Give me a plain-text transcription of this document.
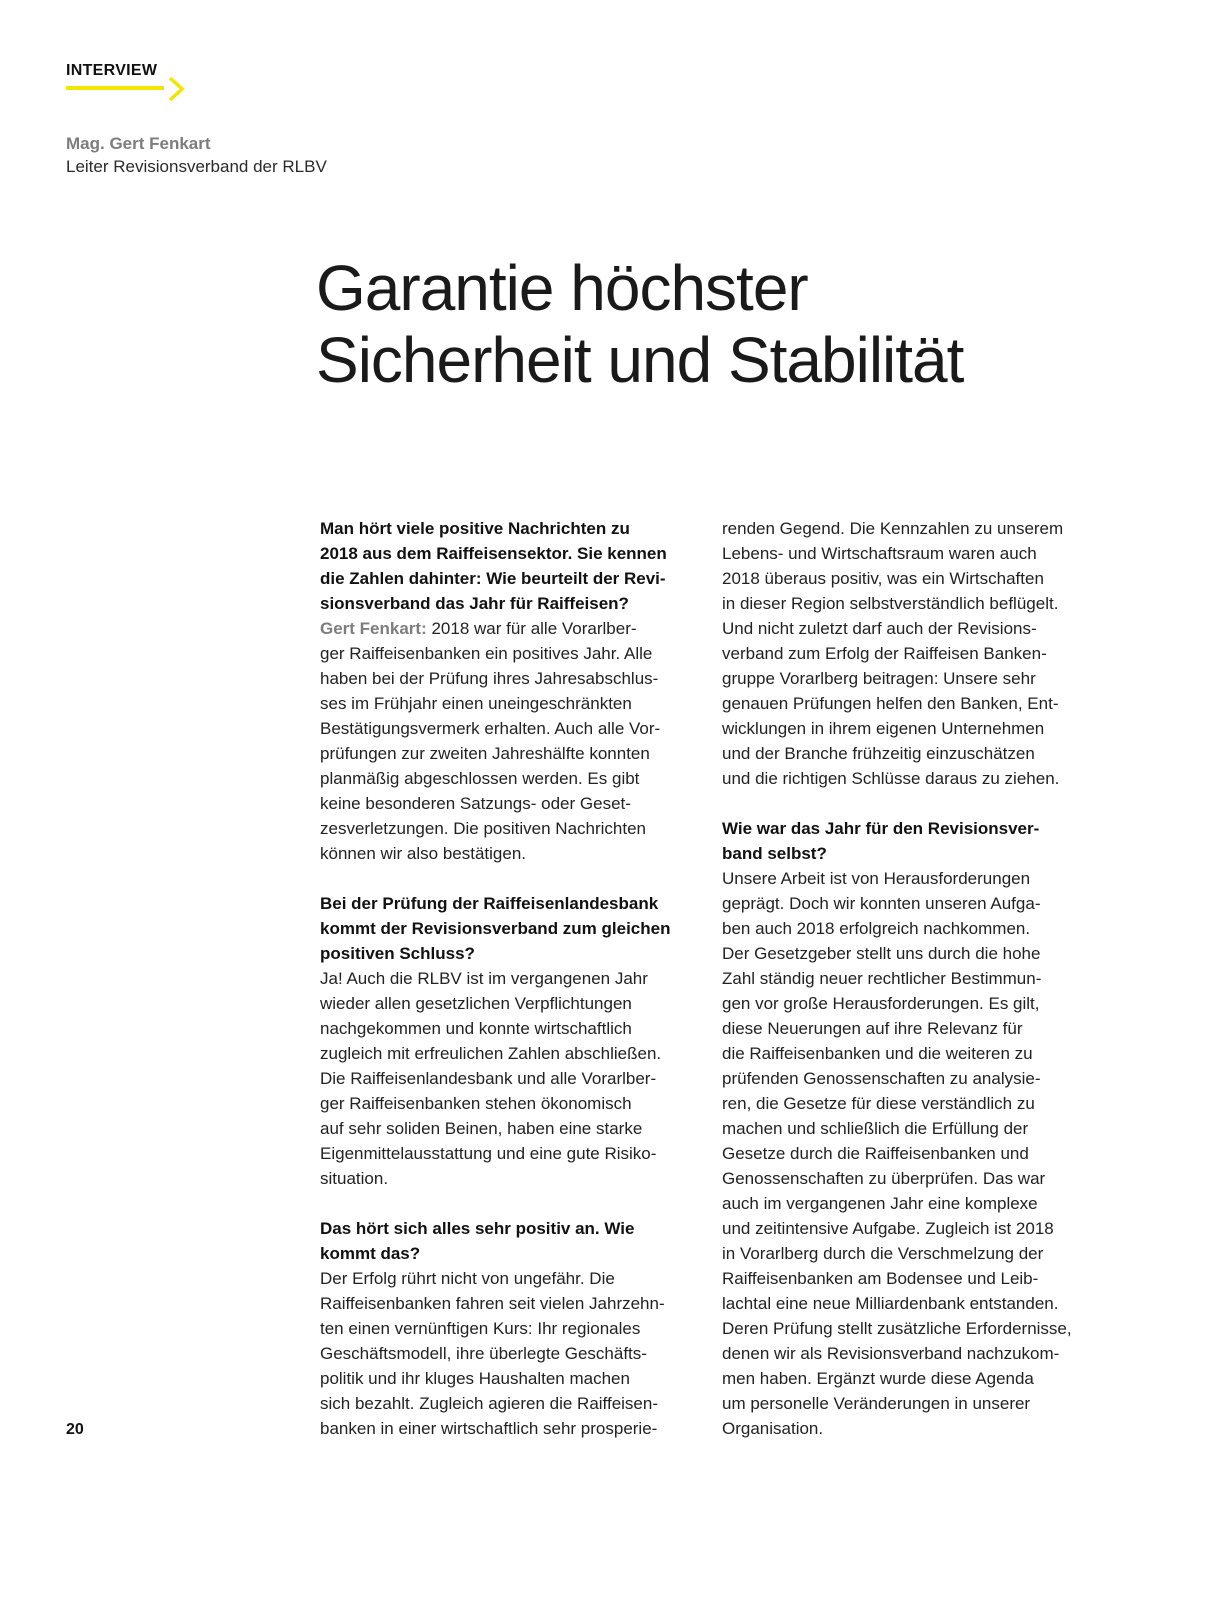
INTERVIEW
Mag. Gert Fenkart
Leiter Revisionsverband der RLBV
Garantie höchster
Sicherheit und Stabilität

Man hört viele positive Nachrichten zu
2018 aus dem Raiffeisensektor. Sie kennen
die Zahlen dahinter: Wie beurteilt der Revi-
sionsverband das Jahr für Raiffeisen?

Gert Fenkart: 2018 war für alle Vorarlber-
ger Raiffeisenbanken ein positives Jahr. Alle
haben bei der Prüfung ihres Jahresabschlus-
ses im Frühjahr einen uneingeschränkten
Bestätigungsvermerk erhalten. Auch alle Vor-
prüfungen zur zweiten Jahreshälfte konnten
planmäßig abgeschlossen werden. Es gibt
keine besonderen Satzungs- oder Geset-
zesverletzungen. Die positiven Nachrichten
können wir also bestätigen.

Bei der Prüfung der Raiffeisenlandesbank
kommt der Revisionsverband zum gleichen
positiven Schluss?

Ja! Auch die RLBV ist im vergangenen Jahr
wieder allen gesetzlichen Verpflichtungen
nachgekommen und konnte wirtschaftlich
zugleich mit erfreulichen Zahlen abschließen.
Die Raiffeisenlandesbank und alle Vorarlber-
ger Raiffeisenbanken stehen ökonomisch
auf sehr soliden Beinen, haben eine starke
Eigenmittelausstattung und eine gute Risiko-
situation.

Das hört sich alles sehr positiv an. Wie
kommt das?

Der Erfolg rührt nicht von ungefähr. Die
Raiffeisenbanken fahren seit vielen Jahrzehn-
ten einen vernünftigen Kurs: Ihr regionales
Geschäftsmodell, ihre überlegte Geschäfts-
politik und ihr kluges Haushalten machen
sich bezahlt. Zugleich agieren die Raiffeisen-
banken in einer wirtschaftlich sehr prosperie-

renden Gegend. Die Kennzahlen zu unserem
Lebens- und Wirtschaftsraum waren auch
2018 überaus positiv, was ein Wirtschaften
in dieser Region selbstverständlich beflügelt.
Und nicht zuletzt darf auch der Revisions-
verband zum Erfolg der Raiffeisen Banken-
gruppe Vorarlberg beitragen: Unsere sehr
genauen Prüfungen helfen den Banken, Ent-
wicklungen in ihrem eigenen Unternehmen
und der Branche frühzeitig einzuschätzen
und die richtigen Schlüsse daraus zu ziehen.

Wie war das Jahr für den Revisionsver-
band selbst?

Unsere Arbeit ist von Herausforderungen
geprägt. Doch wir konnten unseren Aufga-
ben auch 2018 erfolgreich nachkommen.
Der Gesetzgeber stellt uns durch die hohe
Zahl ständig neuer rechtlicher Bestimmun-
gen vor große Herausforderungen. Es gilt,
diese Neuerungen auf ihre Relevanz für
die Raiffeisenbanken und die weiteren zu
prüfenden Genossenschaften zu analysie-
ren, die Gesetze für diese verständlich zu
machen und schließlich die Erfüllung der
Gesetze durch die Raiffeisenbanken und
Genossenschaften zu überprüfen. Das war
auch im vergangenen Jahr eine komplexe
und zeitintensive Aufgabe. Zugleich ist 2018
in Vorarlberg durch die Verschmelzung der
Raiffeisenbanken am Bodensee und Leib-
lachtal eine neue Milliardenbank entstanden.
Deren Prüfung stellt zusätzliche Erfordernisse,
denen wir als Revisionsverband nachzukom-
men haben. Ergänzt wurde diese Agenda
um personelle Veränderungen in unserer
Organisation.

20
